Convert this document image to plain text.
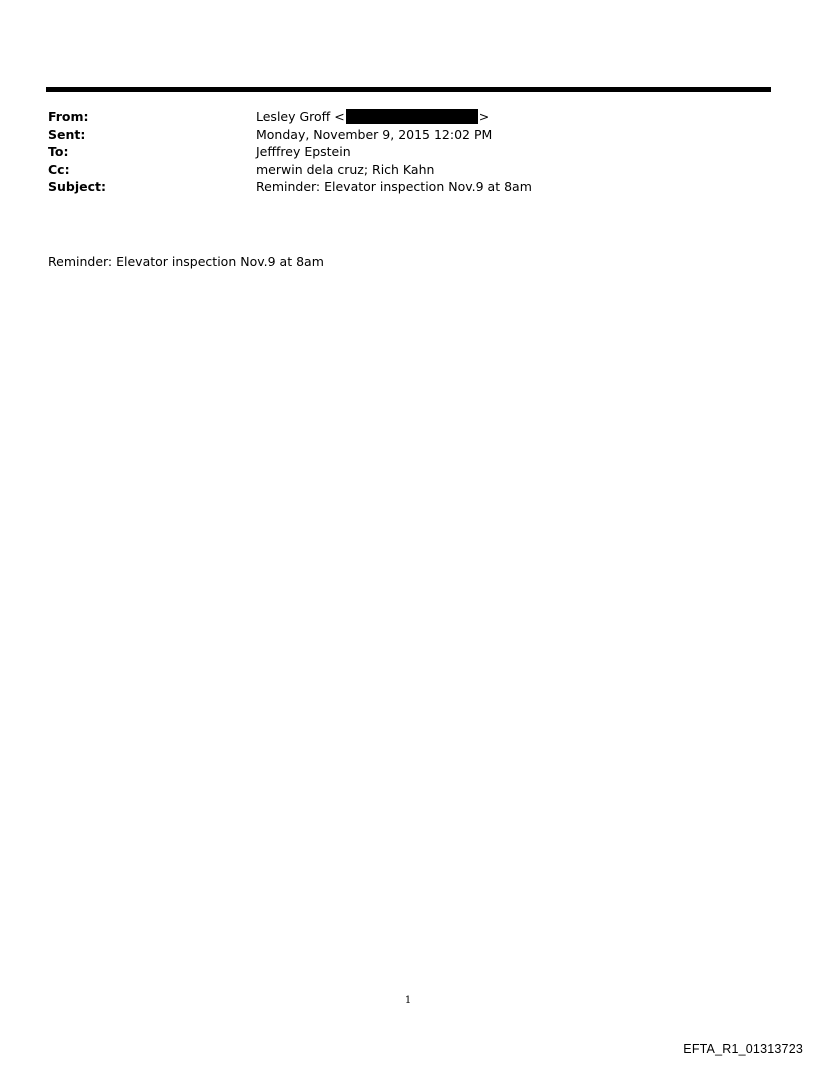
From:	Lesley Groff <	>
Sent:	Monday, November 9, 2015 12:02 PM
To:	Jefffrey Epstein
Cc:	merwin dela cruz; Rich Kahn
Subject:	Reminder: Elevator inspection Nov.9 at 8am
Reminder: Elevator inspection Nov.9 at 8am
1
EFTA_R1_01313723
